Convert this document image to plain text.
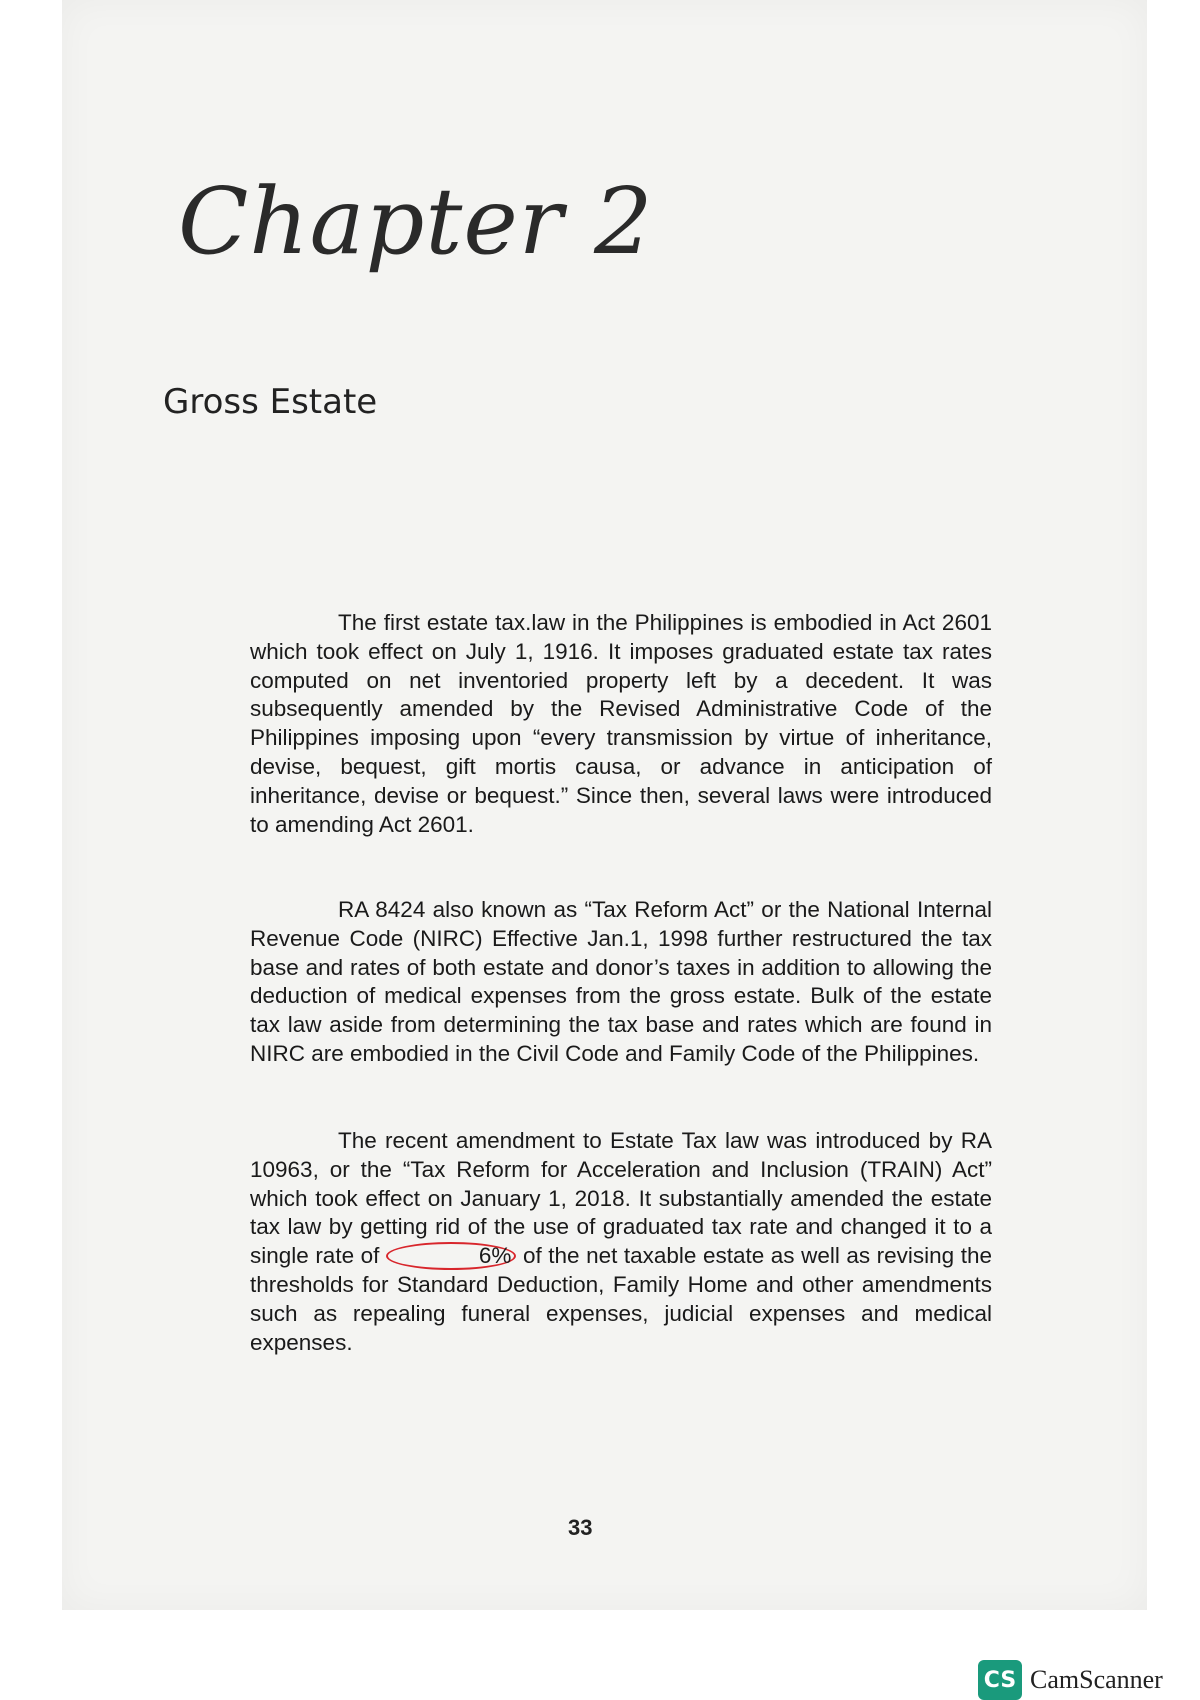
Chapter 2
Gross Estate

The first estate tax.law in the Philippines is embodied in Act 2601 which took effect on July 1, 1916. It imposes graduated estate tax rates computed on net inventoried property left by a decedent. It was subsequently amended by the Revised Administrative Code of the Philippines imposing upon “every transmission by virtue of inheritance, devise, bequest, gift mortis causa, or advance in anticipation of inheritance, devise or bequest.” Since then, several laws were introduced to amending Act 2601.

RA 8424 also known as “Tax Reform Act” or the National Internal Revenue Code (NIRC) Effective Jan.1, 1998 further restructured the tax base and rates of both estate and donor’s taxes in addition to allowing the deduction of medical expenses from the gross estate. Bulk of the estate tax law aside from determining the tax base and rates which are found in NIRC are embodied in the Civil Code and Family Code of the Philippines.

The recent amendment to Estate Tax law was introduced by RA 10963, or the “Tax Reform for Acceleration and Inclusion (TRAIN) Act” which took effect on January 1, 2018. It substantially amended the estate tax law by getting rid of the use of graduated tax rate and changed it to a single rate of	6% of the net taxable estate as well as revising the thresholds for Standard Deduction, Family Home and other amendments such as repealing funeral expenses, judicial expenses and medical expenses.

33
CS CamScanner
